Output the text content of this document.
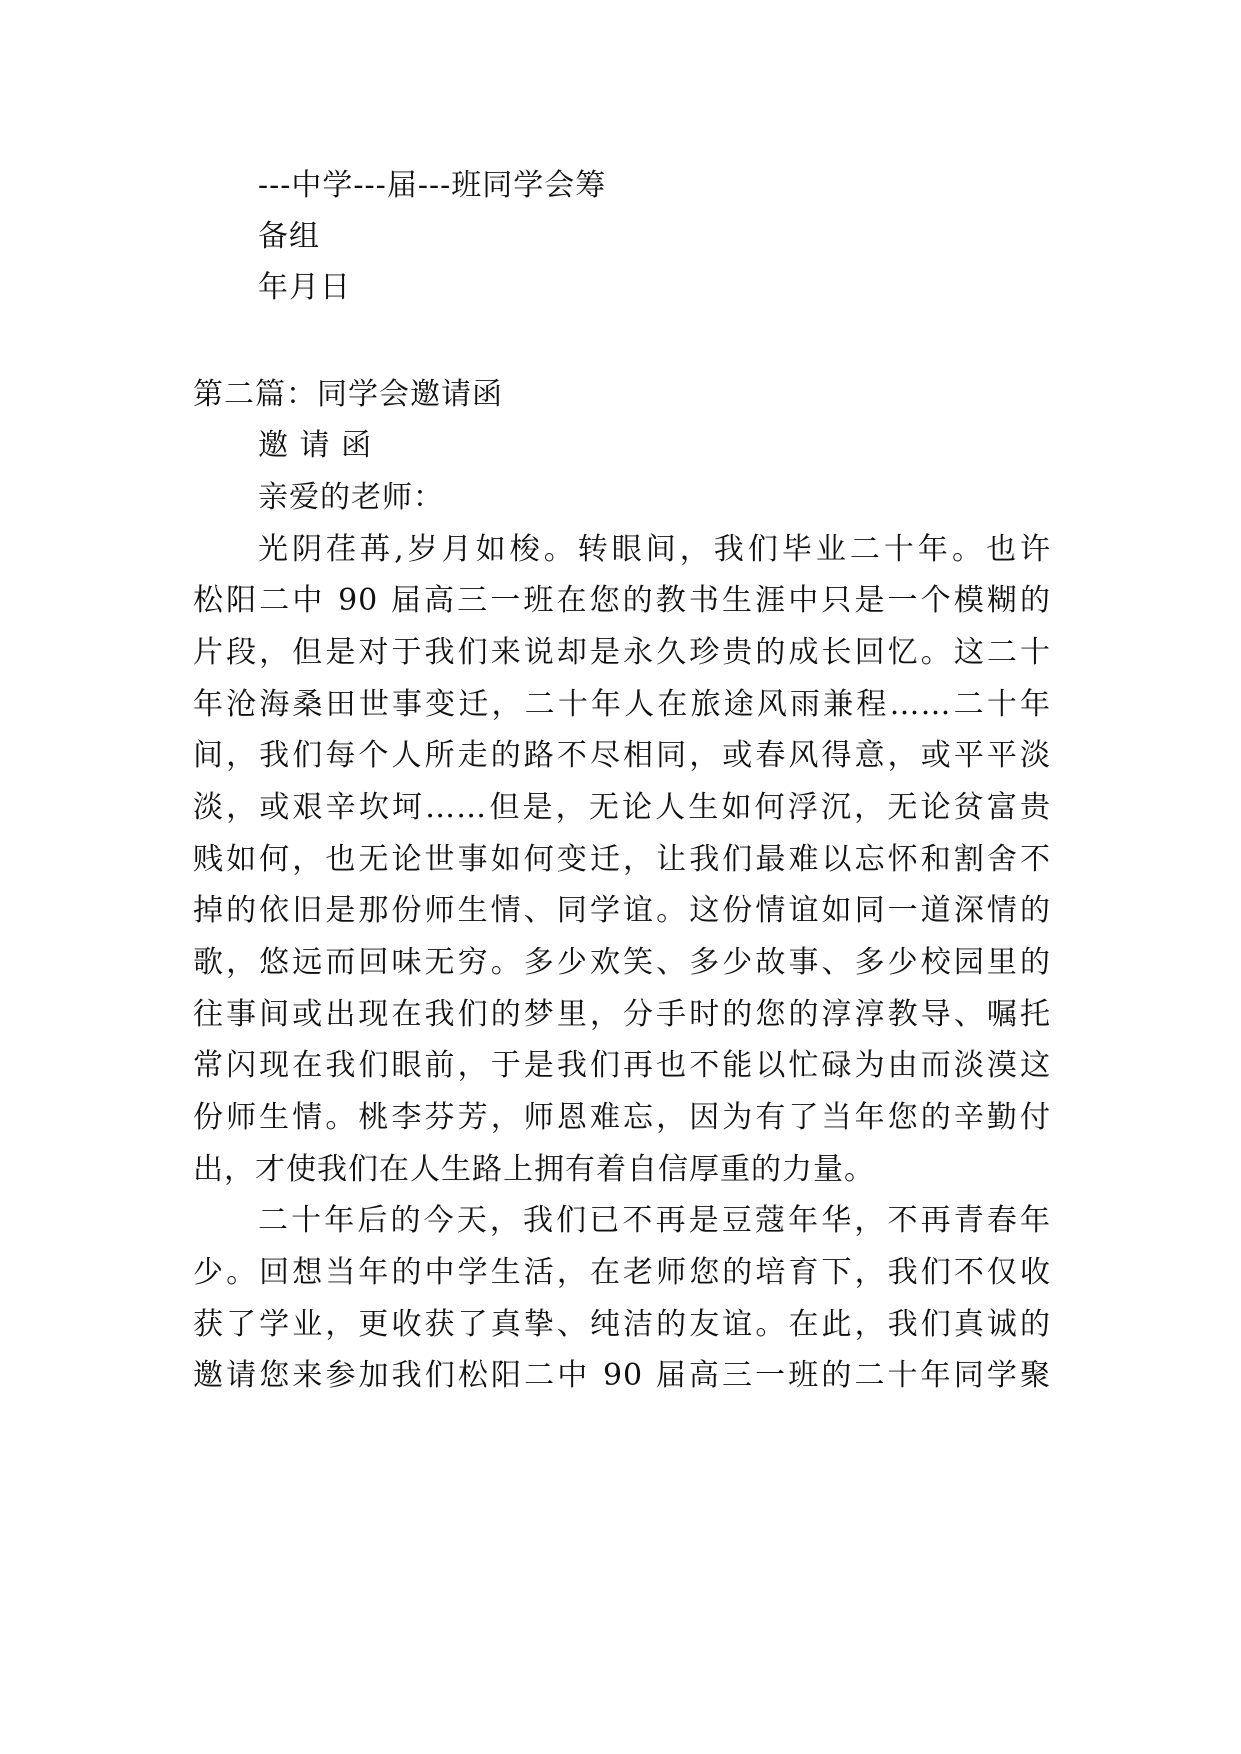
---中学---届---班同学会筹
备组
年月日
第二篇：同学会邀请函
邀 请 函
亲爱的老师：
光阴荏苒,岁月如梭。转眼间，我们毕业二十年。也许
松阳二中 90 届高三一班在您的教书生涯中只是一个模糊的
片段，但是对于我们来说却是永久珍贵的成长回忆。这二十
年沧海桑田世事变迁，二十年人在旅途风雨兼程……二十年
间，我们每个人所走的路不尽相同，或春风得意，或平平淡
淡，或艰辛坎坷……但是，无论人生如何浮沉，无论贫富贵
贱如何，也无论世事如何变迁，让我们最难以忘怀和割舍不
掉的依旧是那份师生情、同学谊。这份情谊如同一道深情的
歌，悠远而回味无穷。多少欢笑、多少故事、多少校园里的
往事间或出现在我们的梦里，分手时的您的淳淳教导、嘱托
常闪现在我们眼前，于是我们再也不能以忙碌为由而淡漠这
份师生情。桃李芬芳，师恩难忘，因为有了当年您的辛勤付
出，才使我们在人生路上拥有着自信厚重的力量。
二十年后的今天，我们已不再是豆蔻年华，不再青春年
少。回想当年的中学生活，在老师您的培育下，我们不仅收
获了学业，更收获了真挚、纯洁的友谊。在此，我们真诚的
邀请您来参加我们松阳二中 90 届高三一班的二十年同学聚
